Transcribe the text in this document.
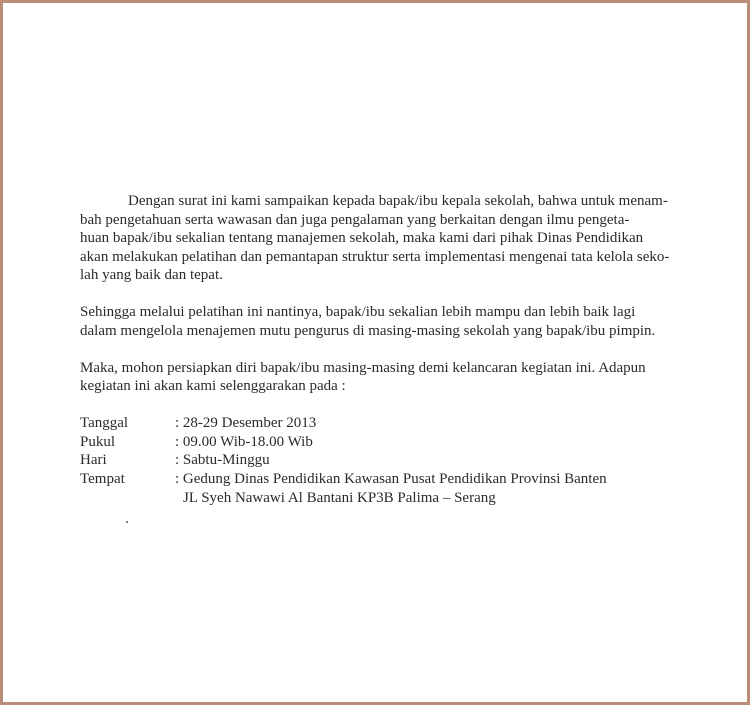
Dengan surat ini kami sampaikan kepada bapak/ibu kepala sekolah, bahwa untuk menam-
bah pengetahuan serta wawasan dan juga pengalaman yang berkaitan dengan ilmu pengeta-
huan bapak/ibu sekalian tentang manajemen sekolah, maka kami dari pihak Dinas Pendidikan
akan melakukan pelatihan dan pemantapan struktur serta implementasi mengenai tata kelola seko-
lah yang baik dan tepat.
Sehingga melalui pelatihan ini nantinya, bapak/ibu sekalian lebih mampu dan lebih baik lagi
dalam mengelola menajemen mutu pengurus di masing-masing sekolah yang bapak/ibu pimpin.
Maka, mohon persiapkan diri bapak/ibu masing-masing demi kelancaran kegiatan ini. Adapun
kegiatan ini akan kami selenggarakan pada :
Tanggal	: 28-29 Desember 2013
Pukul	: 09.00 Wib-18.00 Wib
Hari	: Sabtu-Minggu
Tempat	: Gedung Dinas Pendidikan Kawasan Pusat Pendidikan Provinsi Banten
JL Syeh Nawawi Al Bantani KP3B Palima – Serang
